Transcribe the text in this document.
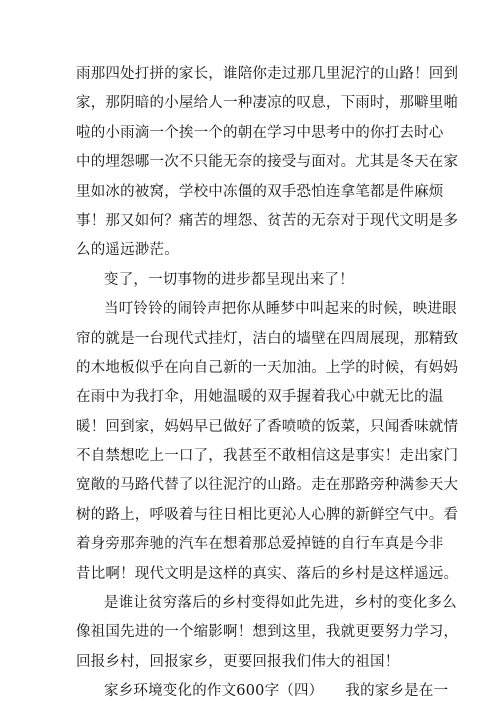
雨那四处打拼的家长，谁陪你走过那几里泥泞的山路！回到
家，那阴暗的小屋给人一种凄凉的叹息，下雨时，那噼里啪
啦的小雨滴一个挨一个的朝在学习中思考中的你打去时心
中的埋怨哪一次不只能无奈的接受与面对。尤其是冬天在家
里如冰的被窝，学校中冻僵的双手恐怕连拿笔都是件麻烦
事！那又如何？痛苦的埋怨、贫苦的无奈对于现代文明是多
么的遥远渺茫。
变了，一切事物的进步都呈现出来了！
当叮铃铃的闹铃声把你从睡梦中叫起来的时候，映进眼
帘的就是一台现代式挂灯，洁白的墙壁在四周展现，那精致
的木地板似乎在向自己新的一天加油。上学的时候，有妈妈
在雨中为我打伞，用她温暖的双手握着我心中就无比的温
暖！回到家，妈妈早已做好了香喷喷的饭菜，只闻香味就情
不自禁想吃上一口了，我甚至不敢相信这是事实！走出家门
宽敞的马路代替了以往泥泞的山路。走在那路旁种满参天大
树的路上，呼吸着与往日相比更沁人心脾的新鲜空气中。看
着身旁那奔驰的汽车在想着那总爱掉链的自行车真是今非
昔比啊！现代文明是这样的真实、落后的乡村是这样遥远。
是谁让贫穷落后的乡村变得如此先进，乡村的变化多么
像祖国先进的一个缩影啊！想到这里，我就更要努力学习，
回报乡村，回报家乡，更要回报我们伟大的祖国！
家乡环境变化的作文600字（四） 我的家乡是在一
